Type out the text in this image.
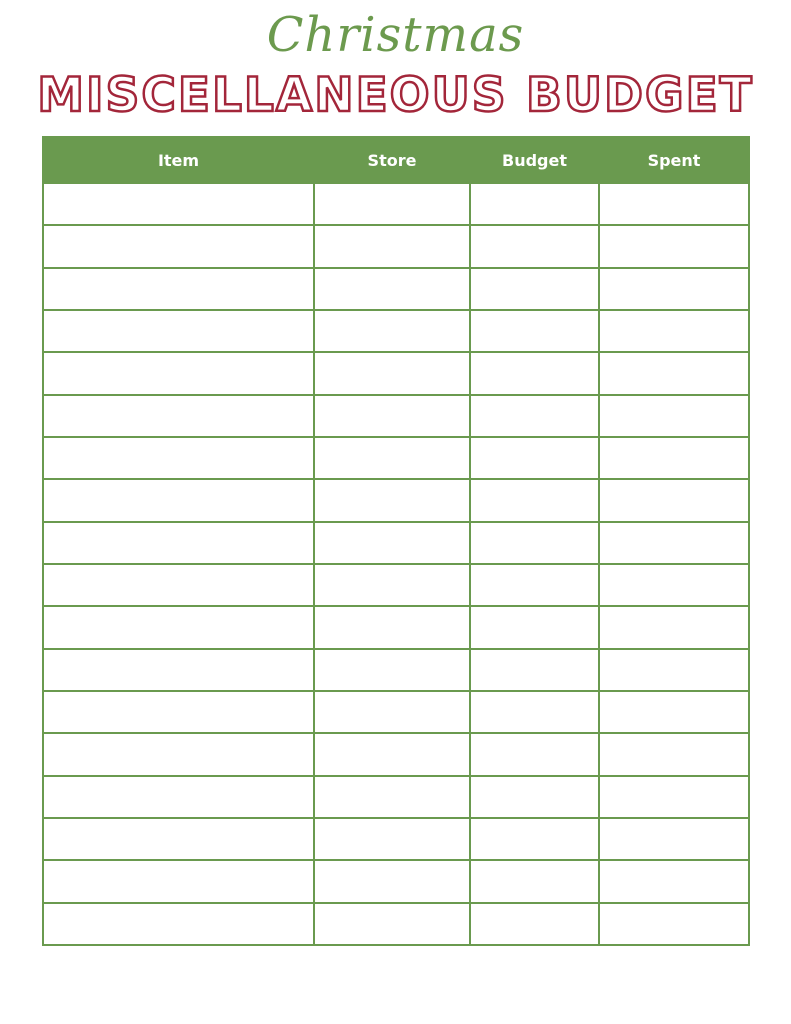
Christmas
MISCELLANEOUS BUDGET
Item	Store	Budget	Spent
